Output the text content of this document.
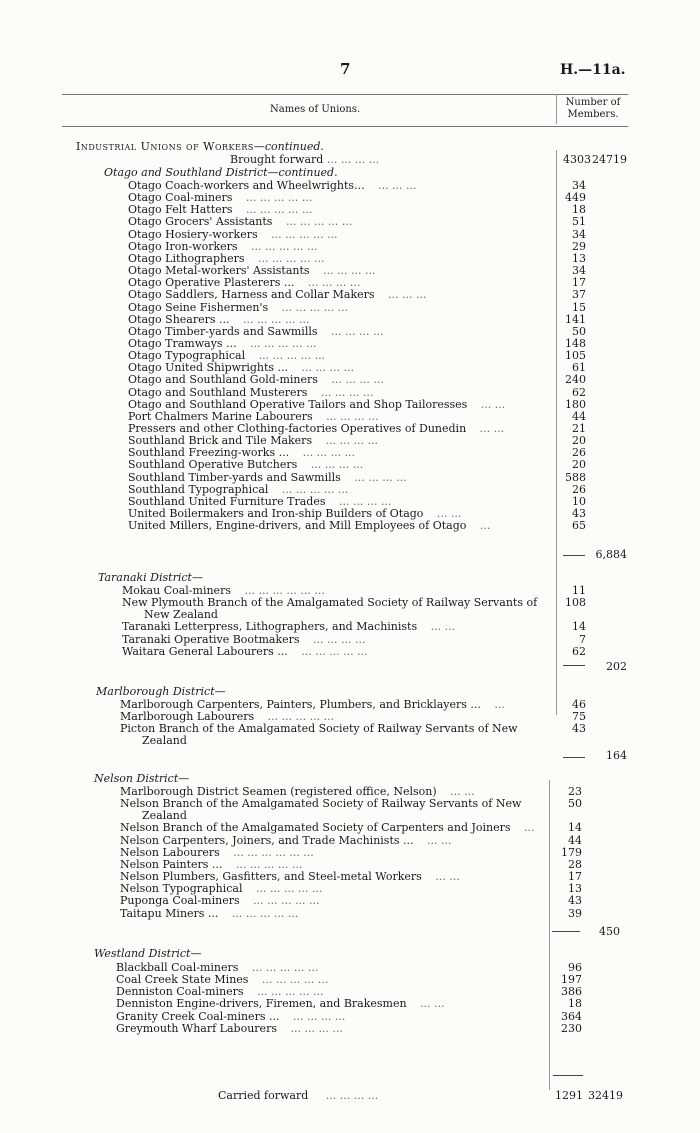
7	H.—11a.
Names of Unions.
Number of
Members.
Industrial Unions of Workers—continued.
Brought forward ... ... ... ...	4303 24719
Otago and Southland District—continued.
Otago Coach-workers and Wheelwrights... ... ... ...	34
Otago Coal-miners ... ... ... ... ...	449
Otago Felt Hatters ... ... ... ... ...	18
Otago Grocers' Assistants ... ... ... ... ...	51
Otago Hosiery-workers ... ... ... ... ...	34
Otago Iron-workers ... ... ... ... ...	29
Otago Lithographers ... ... ... ... ...	13
Otago Metal-workers' Assistants ... ... ... ...	34
Otago Operative Plasterers ... ... ... ... ...	17
Otago Saddlers, Harness and Collar Makers ... ... ...	37
Otago Seine Fishermen's ... ... ... ... ...	15
Otago Shearers ... ... ... ... ... ...	141
Otago Timber-yards and Sawmills ... ... ... ...	50
Otago Tramways ... ... ... ... ... ...	148
Otago Typographical ... ... ... ... ...	105
Otago United Shipwrights ... ... ... ... ...	61
Otago and Southland Gold-miners ... ... ... ...	240
Otago and Southland Musterers ... ... ... ...	62
Otago and Southland Operative Tailors and Shop Tailoresses ... ...	180
Port Chalmers Marine Labourers ... ... ... ...	44
Pressers and other Clothing-factories Operatives of Dunedin ... ...	21
Southland Brick and Tile Makers ... ... ... ...	20
Southland Freezing-works ... ... ... ... ...	26
Southland Operative Butchers ... ... ... ...	20
Southland Timber-yards and Sawmills ... ... ... ...	588
Southland Typographical ... ... ... ... ...	26
Southland United Furniture Trades ... ... ... ...	10
United Boilermakers and Iron-ship Builders of Otago ... ...	43
United Millers, Engine-drivers, and Mill Employees of Otago ...	65
6,884
Taranaki District—
Mokau Coal-miners ... ... ... ... ... ...	11
New Plymouth Branch of the Amalgamated Society of Railway Servants of
New Zealand
108
Taranaki Letterpress, Lithographers, and Machinists ... ...	14
Taranaki Operative Bootmakers ... ... ... ...	7
Waitara General Labourers ... ... ... ... ... ...	62
202
Marlborough District—
Marlborough Carpenters, Painters, Plumbers, and Bricklayers ... ...	46
Marlborough Labourers ... ... ... ... ...	75
Picton Branch of the Amalgamated Society of Railway Servants of New
Zealand
43
164
Nelson District—
Marlborough District Seamen (registered office, Nelson) ... ...	23
Nelson Branch of the Amalgamated Society of Railway Servants of New
Zealand
50
Nelson Branch of the Amalgamated Society of Carpenters and Joiners ...	14
Nelson Carpenters, Joiners, and Trade Machinists ... ... ...	44
Nelson Labourers ... ... ... ... ... ...	179
Nelson Painters ... ... ... ... ... ...	28
Nelson Plumbers, Gasfitters, and Steel-metal Workers ... ...	17
Nelson Typographical ... ... ... ... ...	13
Puponga Coal-miners ... ... ... ... ...	43
Taitapu Miners ... ... ... ... ... ...	39
450
Westland District—
Blackball Coal-miners ... ... ... ... ...	96
Coal Creek State Mines ... ... ... ... ...	197
Denniston Coal-miners ... ... ... ... ...	386
Denniston Engine-drivers, Firemen, and Brakesmen ... ...	18
Granity Creek Coal-miners ... ... ... ... ...	364
Greymouth Wharf Labourers ... ... ... ...	230
Carried forward ... ... ... ...	1291 32419
